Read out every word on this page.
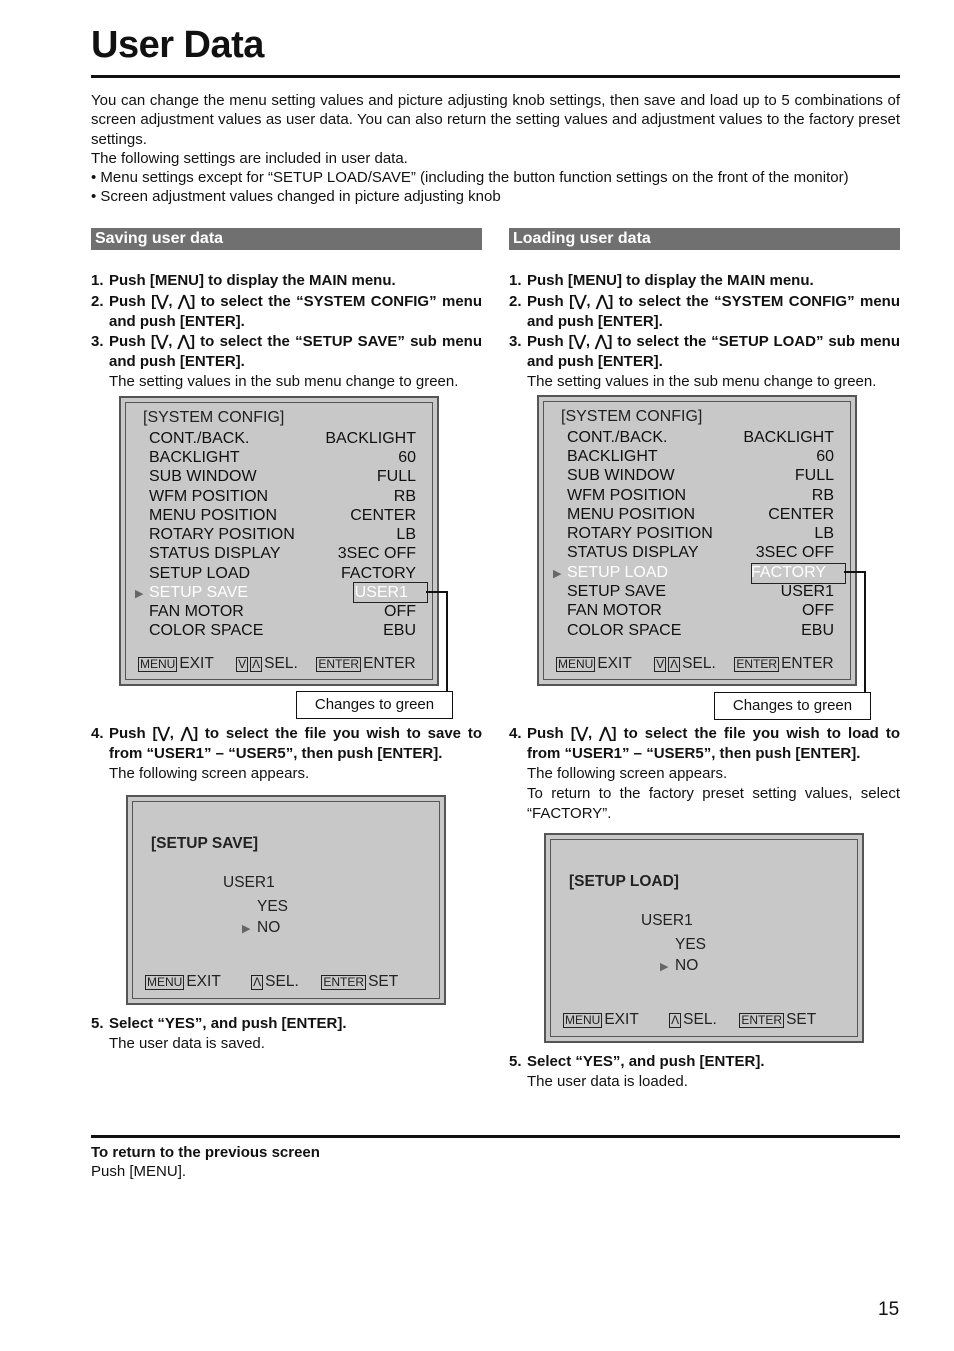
User Data

You can change the menu setting values and picture adjusting knob settings, then save and load up to 5 combinations of screen adjustment values as user data. You can also return the setting values and adjustment values to the factory preset settings.

The following settings are included in user data.
• Menu settings except for “SETUP LOAD/SAVE” (including the button function settings on the front of the monitor)
• Screen adjustment values changed in picture adjusting knob
Saving user data
1. Push [MENU] to display the MAIN menu.
2. Push [⋁, ⋀] to select the “SYSTEM CONFIG” menu and push [ENTER].
3. Push [⋁, ⋀] to select the “SETUP SAVE” sub menu and push [ENTER].
The setting values in the sub menu change to green.
[SYSTEM CONFIG]
CONT./BACK.	BACKLIGHT
BACKLIGHT	60
SUB WINDOW	FULL
WFM POSITION	RB
MENU POSITION	CENTER
ROTARY POSITION	LB
STATUS DISPLAY	3SEC OFF
SETUP LOAD	FACTORY
▶ SETUP SAVE	USER1
FAN MOTOR	OFF
COLOR SPACE	EBU
MENU EXIT V Λ SEL. ENTER ENTER
Changes to green
4. Push [⋁, ⋀] to select the file you wish to save to from “USER1” – “USER5”, then push [ENTER].
The following screen appears.
[SETUP SAVE]
USER1
YES
▶ NO
MENU EXIT	Λ SEL. ENTER SET
5. Select “YES”, and push [ENTER].
The user data is saved.
Loading user data
1. Push [MENU] to display the MAIN menu.
2. Push [⋁, ⋀] to select the “SYSTEM CONFIG” menu and push [ENTER].
3. Push [⋁, ⋀] to select the “SETUP LOAD” sub menu and push [ENTER].
The setting values in the sub menu change to green.
[SYSTEM CONFIG]
CONT./BACK.	BACKLIGHT
BACKLIGHT	60
SUB WINDOW	FULL
WFM POSITION	RB
MENU POSITION	CENTER
ROTARY POSITION	LB
STATUS DISPLAY	3SEC OFF
▶ SETUP LOAD	FACTORY
SETUP SAVE	USER1
FAN MOTOR	OFF
COLOR SPACE	EBU
MENU EXIT V Λ SEL. ENTER ENTER
Changes to green
4. Push [⋁, ⋀] to select the file you wish to load to from “USER1” – “USER5”, then push [ENTER].
The following screen appears.
To return to the factory preset setting values, select “FACTORY”.
[SETUP LOAD]
USER1
YES
▶ NO
MENU EXIT	Λ SEL. ENTER SET
5. Select “YES”, and push [ENTER].
The user data is loaded.
To return to the previous screen
Push [MENU].
15
